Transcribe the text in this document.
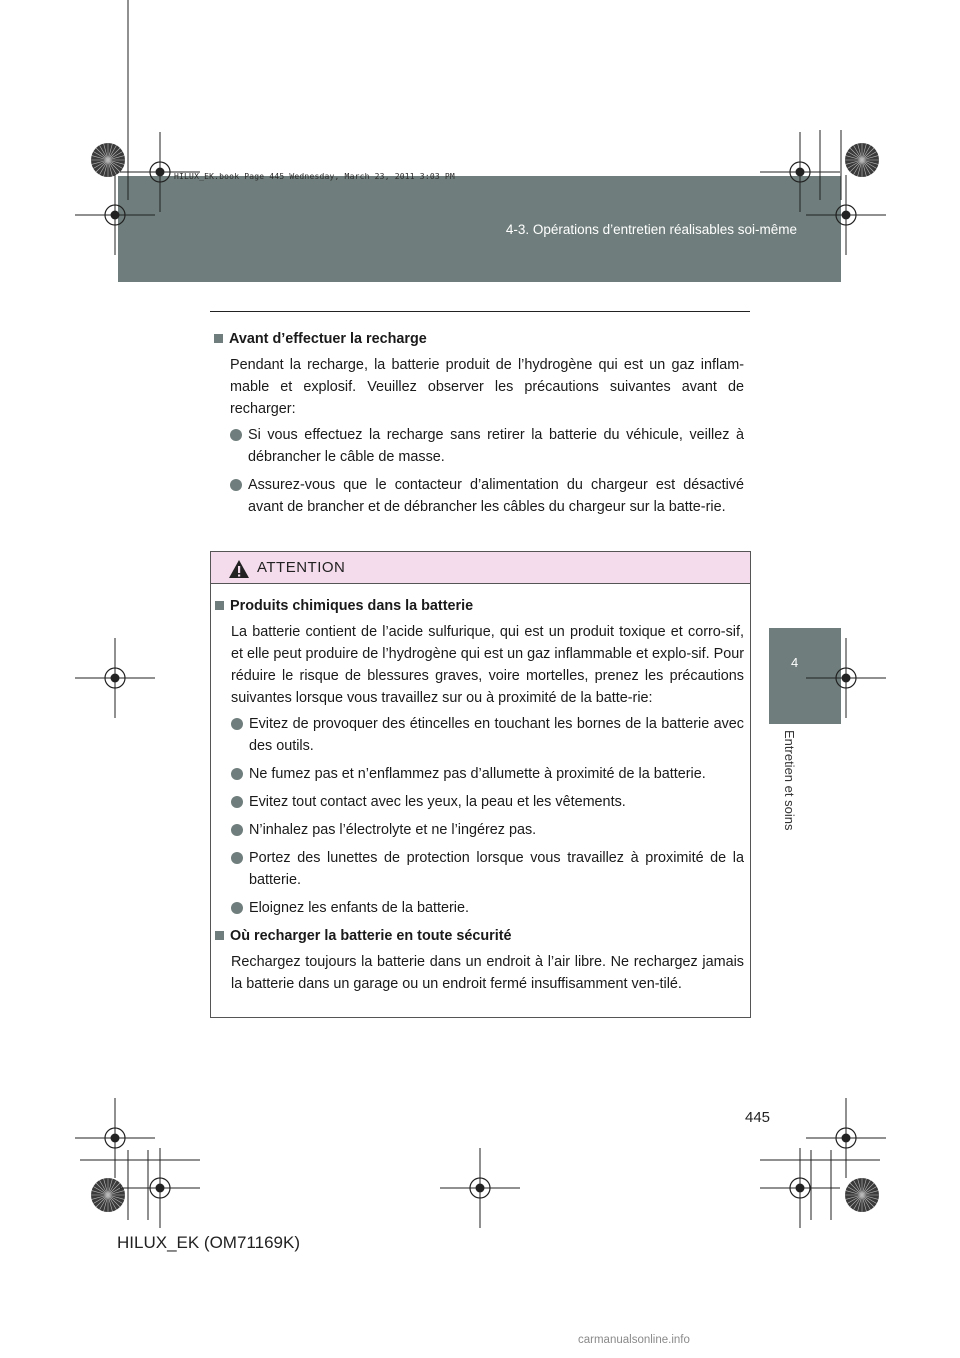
HILUX_EK.book Page 445 Wednesday, March 23, 2011 3:03 PM
4-3. Opérations d’entretien réalisables soi-même
4
Entretien et soins
Avant d’effectuer la recharge
Pendant la recharge, la batterie produit de l’hydrogène qui est un gaz inflam-mable et explosif. Veuillez observer les précautions suivantes avant de recharger:
Si vous effectuez la recharge sans retirer la batterie du véhicule, veillez à débrancher le câble de masse.
Assurez-vous que le contacteur d’alimentation du chargeur est désactivé avant de brancher et de débrancher les câbles du chargeur sur la batte-rie.
ATTENTION
Produits chimiques dans la batterie
La batterie contient de l’acide sulfurique, qui est un produit toxique et corro-sif, et elle peut produire de l’hydrogène qui est un gaz inflammable et explo-sif. Pour réduire le risque de blessures graves, voire mortelles, prenez les précautions suivantes lorsque vous travaillez sur ou à proximité de la batte-rie:
Evitez de provoquer des étincelles en touchant les bornes de la batterie avec des outils.
Ne fumez pas et n’enflammez pas d’allumette à proximité de la batterie.
Evitez tout contact avec les yeux, la peau et les vêtements.
N’inhalez pas l’électrolyte et ne l’ingérez pas.
Portez des lunettes de protection lorsque vous travaillez à proximité de la batterie.
Eloignez les enfants de la batterie.
Où recharger la batterie en toute sécurité
Rechargez toujours la batterie dans un endroit à l’air libre. Ne rechargez jamais la batterie dans un garage ou un endroit fermé insuffisamment ven-tilé.
445
HILUX_EK (OM71169K)
carmanualsonline.info
